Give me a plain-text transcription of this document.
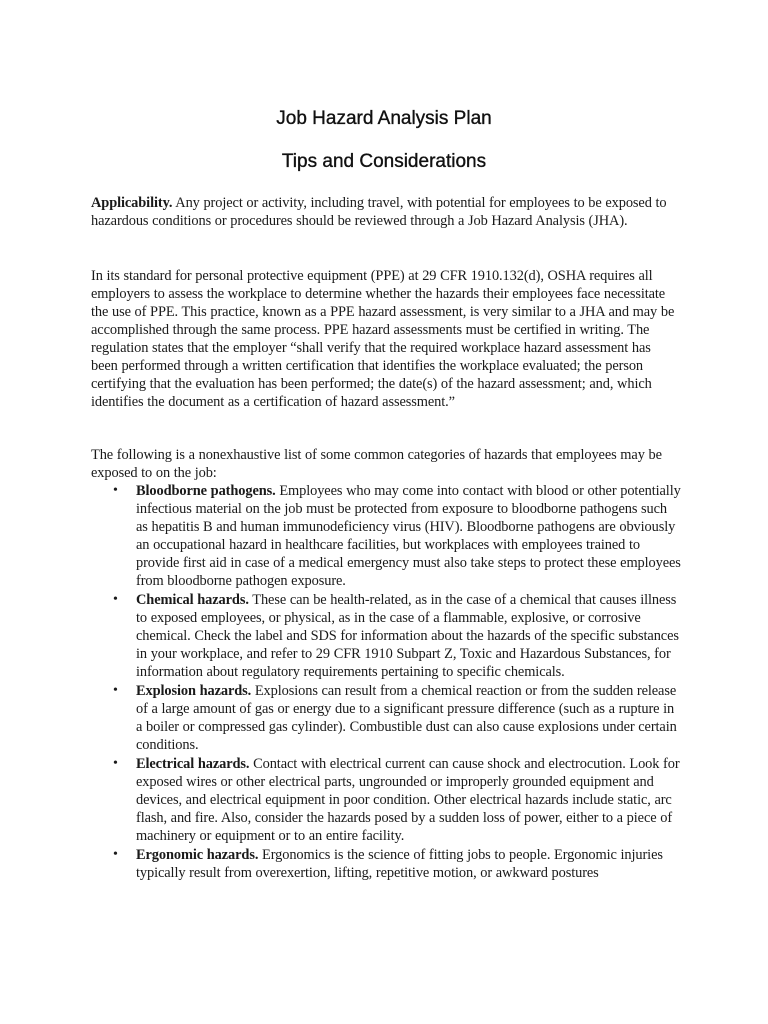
Job Hazard Analysis Plan
Tips and Considerations

Applicability. Any project or activity, including travel, with potential for employees to be exposed to hazardous conditions or procedures should be reviewed through a Job Hazard Analysis (JHA).

In its standard for personal protective equipment (PPE) at 29 CFR 1910.132(d), OSHA requires all employers to assess the workplace to determine whether the hazards their employees face necessitate the use of PPE. This practice, known as a PPE hazard assessment, is very similar to a JHA and may be accomplished through the same process. PPE hazard assessments must be certified in writing. The regulation states that the employer “shall verify that the required workplace hazard assessment has been performed through a written certification that identifies the workplace evaluated; the person certifying that the evaluation has been performed; the date(s) of the hazard assessment; and, which identifies the document as a certification of hazard assessment.”

The following is a nonexhaustive list of some common categories of hazards that employees may be exposed to on the job:

• Bloodborne pathogens. Employees who may come into contact with blood or other potentially infectious material on the job must be protected from exposure to bloodborne pathogens such as hepatitis B and human immunodeficiency virus (HIV). Bloodborne pathogens are obviously an occupational hazard in healthcare facilities, but workplaces with employees trained to provide first aid in case of a medical emergency must also take steps to protect these employees from bloodborne pathogen exposure.
• Chemical hazards. These can be health-related, as in the case of a chemical that causes illness to exposed employees, or physical, as in the case of a flammable, explosive, or corrosive chemical. Check the label and SDS for information about the hazards of the specific substances in your workplace, and refer to 29 CFR 1910 Subpart Z, Toxic and Hazardous Substances, for information about regulatory requirements pertaining to specific chemicals.
• Explosion hazards. Explosions can result from a chemical reaction or from the sudden release of a large amount of gas or energy due to a significant pressure difference (such as a rupture in a boiler or compressed gas cylinder). Combustible dust can also cause explosions under certain conditions.
• Electrical hazards. Contact with electrical current can cause shock and electrocution. Look for exposed wires or other electrical parts, ungrounded or improperly grounded equipment and devices, and electrical equipment in poor condition. Other electrical hazards include static, arc flash, and fire. Also, consider the hazards posed by a sudden loss of power, either to a piece of machinery or equipment or to an entire facility.
• Ergonomic hazards. Ergonomics is the science of fitting jobs to people. Ergonomic injuries typically result from overexertion, lifting, repetitive motion, or awkward postures
